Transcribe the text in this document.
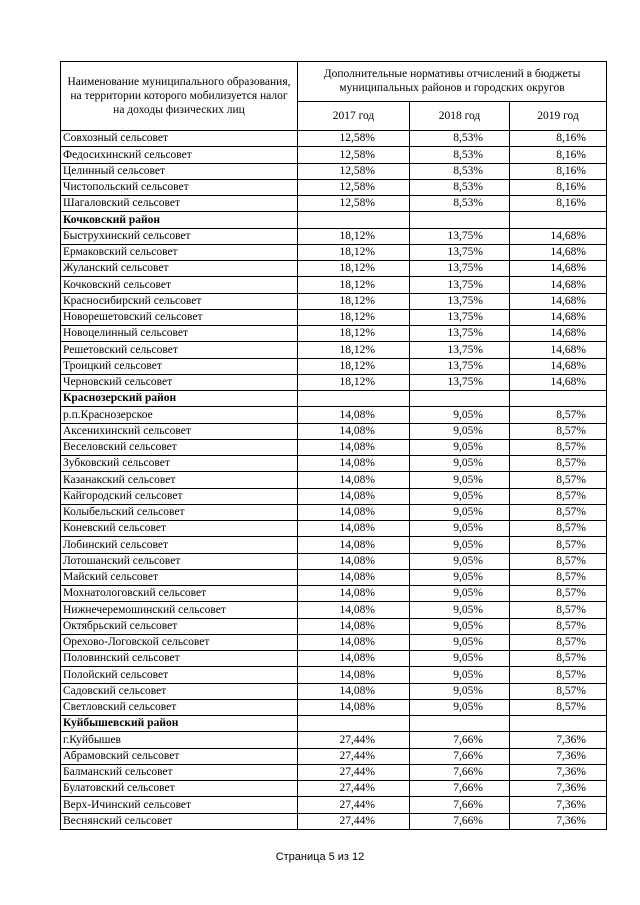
Наименование муниципального образования, на территории которого мобилизуется налог на доходы физических лиц	Дополнительные нормативы отчислений в бюджеты муниципальных районов и городских округов		
	2017 год	2018 год	2019 год
Совхозный сельсовет	12,58%	8,53%	8,16%
Федосихинский сельсовет	12,58%	8,53%	8,16%
Целинный сельсовет	12,58%	8,53%	8,16%
Чистопольский сельсовет	12,58%	8,53%	8,16%
Шагаловский сельсовет	12,58%	8,53%	8,16%
Кочковский район			
Быструхинский сельсовет	18,12%	13,75%	14,68%
Ермаковский сельсовет	18,12%	13,75%	14,68%
Жуланский сельсовет	18,12%	13,75%	14,68%
Кочковский сельсовет	18,12%	13,75%	14,68%
Красносибирский сельсовет	18,12%	13,75%	14,68%
Новорешетовский сельсовет	18,12%	13,75%	14,68%
Новоцелинный сельсовет	18,12%	13,75%	14,68%
Решетовский сельсовет	18,12%	13,75%	14,68%
Троицкий сельсовет	18,12%	13,75%	14,68%
Черновский сельсовет	18,12%	13,75%	14,68%
Краснозерский район			
р.п.Краснозерское	14,08%	9,05%	8,57%
Аксенихинский сельсовет	14,08%	9,05%	8,57%
Веселовский сельсовет	14,08%	9,05%	8,57%
Зубковский сельсовет	14,08%	9,05%	8,57%
Казанакский сельсовет	14,08%	9,05%	8,57%
Кайгородский сельсовет	14,08%	9,05%	8,57%
Колыбельский сельсовет	14,08%	9,05%	8,57%
Коневский сельсовет	14,08%	9,05%	8,57%
Лобинский сельсовет	14,08%	9,05%	8,57%
Лотошанский сельсовет	14,08%	9,05%	8,57%
Майский сельсовет	14,08%	9,05%	8,57%
Мохнатологовский сельсовет	14,08%	9,05%	8,57%
Нижнечеремошинский сельсовет	14,08%	9,05%	8,57%
Октябрьский сельсовет	14,08%	9,05%	8,57%
Орехово-Логовской сельсовет	14,08%	9,05%	8,57%
Половинский сельсовет	14,08%	9,05%	8,57%
Полойский сельсовет	14,08%	9,05%	8,57%
Садовский сельсовет	14,08%	9,05%	8,57%
Светловский сельсовет	14,08%	9,05%	8,57%
Куйбышевский район			
г.Куйбышев	27,44%	7,66%	7,36%
Абрамовский сельсовет	27,44%	7,66%	7,36%
Балманский сельсовет	27,44%	7,66%	7,36%
Булатовский сельсовет	27,44%	7,66%	7,36%
Верх-Ичинский сельсовет	27,44%	7,66%	7,36%
Веснянский сельсовет	27,44%	7,66%	7,36%
Страница 5 из 12
